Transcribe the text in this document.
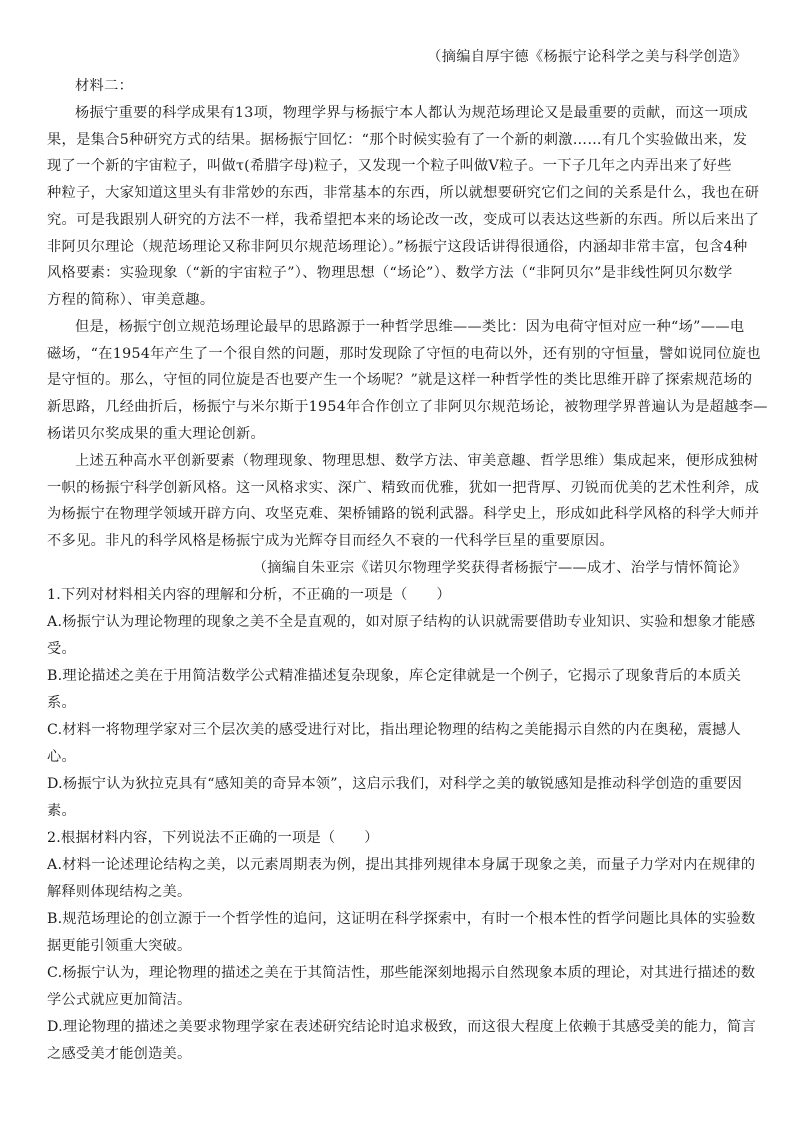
（摘编自厚宇德《杨振宁论科学之美与科学创造》
材料二：
杨振宁重要的科学成果有13项，物理学界与杨振宁本人都认为规范场理论又是最重要的贡献，而这一项成
果，是集合5种研究方式的结果。据杨振宁回忆：“那个时候实验有了一个新的刺激……有几个实验做出来，发
现了一个新的宇宙粒子，叫做τ(希腊字母)粒子，又发现一个粒子叫做V粒子。一下子几年之内弄出来了好些
种粒子，大家知道这里头有非常妙的东西，非常基本的东西，所以就想要研究它们之间的关系是什么，我也在研
究。可是我跟别人研究的方法不一样，我希望把本来的场论改一改，变成可以表达这些新的东西。所以后来出了
非阿贝尔理论（规范场理论又称非阿贝尔规范场理论）。”杨振宁这段话讲得很通俗，内涵却非常丰富，包含4种
风格要素：实验现象（“新的宇宙粒子”）、物理思想（“场论”）、数学方法（“非阿贝尔”是非线性阿贝尔数学
方程的简称）、审美意趣。
但是，杨振宁创立规范场理论最早的思路源于一种哲学思维——类比：因为电荷守恒对应一种“场”——电
磁场，“在1954年产生了一个很自然的问题，那时发现除了守恒的电荷以外，还有别的守恒量，譬如说同位旋也
是守恒的。那么，守恒的同位旋是否也要产生一个场呢？”就是这样一种哲学性的类比思维开辟了探索规范场的
新思路，几经曲折后，杨振宁与米尔斯于1954年合作创立了非阿贝尔规范场论，被物理学界普遍认为是超越李—
杨诺贝尔奖成果的重大理论创新。
上述五种高水平创新要素（物理现象、物理思想、数学方法、审美意趣、哲学思维）集成起来，便形成独树
一帜的杨振宁科学创新风格。这一风格求实、深广、精致而优雅，犹如一把背厚、刃锐而优美的艺术性利斧，成
为杨振宁在物理学领域开辟方向、攻坚克难、架桥铺路的锐利武器。科学史上，形成如此科学风格的科学大师并
不多见。非凡的科学风格是杨振宁成为光辉夺目而经久不衰的一代科学巨星的重要原因。
（摘编自朱亚宗《诺贝尔物理学奖获得者杨振宁——成才、治学与情怀简论》
1.下列对材料相关内容的理解和分析，不正确的一项是（　　）
A.杨振宁认为理论物理的现象之美不全是直观的，如对原子结构的认识就需要借助专业知识、实验和想象才能感
受。
B.理论描述之美在于用简洁数学公式精准描述复杂现象，库仑定律就是一个例子，它揭示了现象背后的本质关
系。
C.材料一将物理学家对三个层次美的感受进行对比，指出理论物理的结构之美能揭示自然的内在奥秘，震撼人
心。
D.杨振宁认为狄拉克具有“感知美的奇异本领”，这启示我们，对科学之美的敏锐感知是推动科学创造的重要因
素。
2.根据材料内容，下列说法不正确的一项是（　　）
A.材料一论述理论结构之美，以元素周期表为例，提出其排列规律本身属于现象之美，而量子力学对内在规律的
解释则体现结构之美。
B.规范场理论的创立源于一个哲学性的追问，这证明在科学探索中，有时一个根本性的哲学问题比具体的实验数
据更能引领重大突破。
C.杨振宁认为，理论物理的描述之美在于其简洁性，那些能深刻地揭示自然现象本质的理论，对其进行描述的数
学公式就应更加简洁。
D.理论物理的描述之美要求物理学家在表述研究结论时追求极致，而这很大程度上依赖于其感受美的能力，简言
之感受美才能创造美。
